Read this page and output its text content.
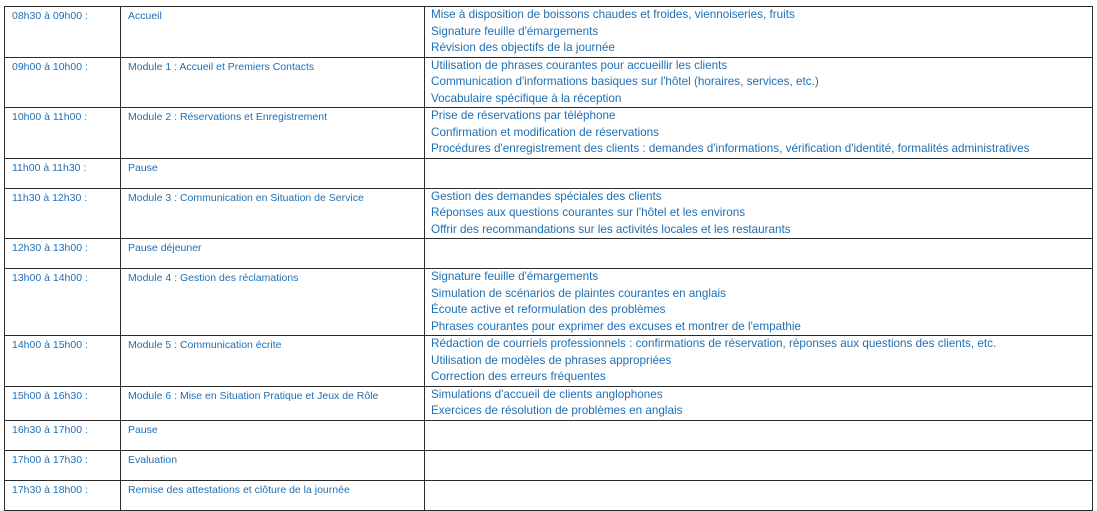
08h30 à 09h00 :	Accueil	Mise à disposition de boissons chaudes et froides, viennoiseries, fruits
Signature feuille d'émargements
Révision des objectifs de la journée

09h00 à 10h00 :	Module 1 : Accueil et Premiers Contacts	Utilisation de phrases courantes pour accueillir les clients
Communication d'informations basiques sur l'hôtel (horaires, services, etc.)
Vocabulaire spécifique à la réception

10h00 à 11h00 :	Module 2 : Réservations et Enregistrement	Prise de réservations par téléphone
Confirmation et modification de réservations
Procédures d'enregistrement des clients : demandes d'informations, vérification d'identité, formalités administratives

11h00 à 11h30 :	Pause	
11h30 à 12h30 :	Module 3 : Communication en Situation de Service	Gestion des demandes spéciales des clients
Réponses aux questions courantes sur l'hôtel et les environs
Offrir des recommandations sur les activités locales et les restaurants

12h30 à 13h00 :	Pause déjeuner	
13h00 à 14h00 :	Module 4 : Gestion des réclamations	Signature feuille d'émargements
Simulation de scénarios de plaintes courantes en anglais
Écoute active et reformulation des problèmes
Phrases courantes pour exprimer des excuses et montrer de l'empathie

14h00 à 15h00 :	Module 5 : Communication écrite	Rédaction de courriels professionnels : confirmations de réservation, réponses aux questions des clients, etc.
Utilisation de modèles de phrases appropriées
Correction des erreurs fréquentes

15h00 à 16h30 :	Module 6 : Mise en Situation Pratique et Jeux de Rôle	Simulations d'accueil de clients anglophones
Exercices de résolution de problèmes en anglais

16h30 à 17h00 :	Pause	
17h00 à 17h30 :	Evaluation	
17h30 à 18h00 :	Remise des attestations et clôture de la journée	
